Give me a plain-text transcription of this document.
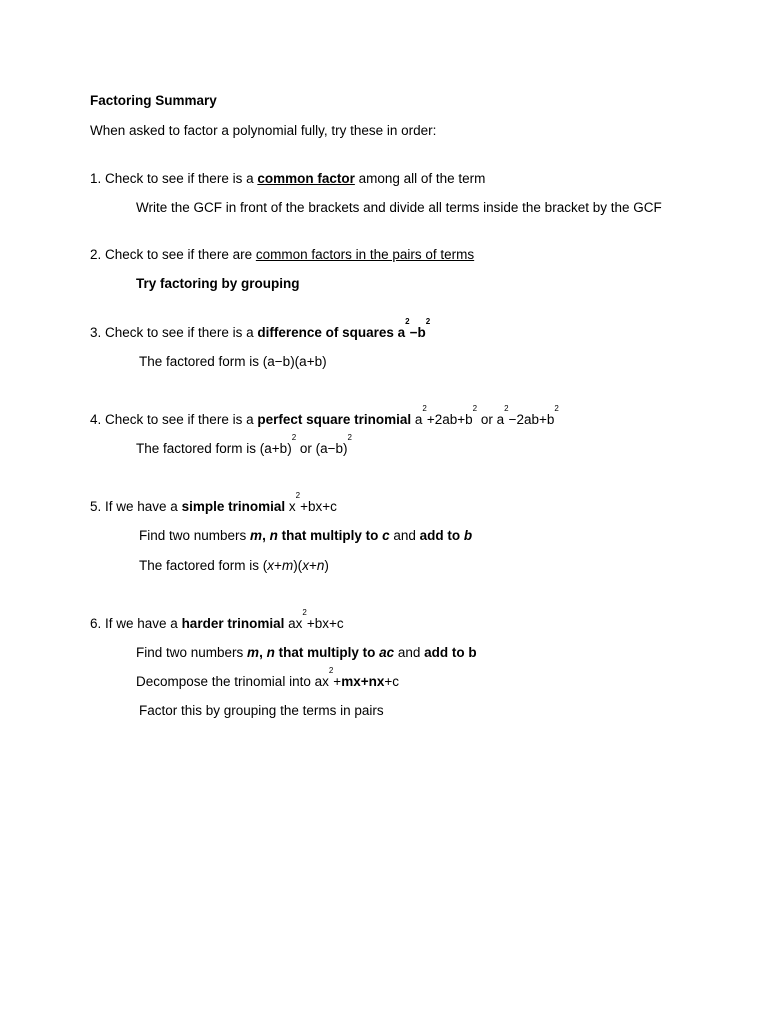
Factoring Summary
When asked to factor a polynomial fully, try these in order:
1. Check to see if there is a common factor among all of the term
Write the GCF in front of the brackets and divide all terms inside the bracket by the GCF
2. Check to see if there are common factors in the pairs of terms
Try factoring by grouping
3. Check to see if there is a difference of squares $a^2-b^2$
The factored form is (a−b)(a+b)
4. Check to see if there is a perfect square trinomial $a^2+2ab+b^2$ or $a^2-2ab+b^2$
The factored form is $(a+b)^2$ or $(a-b)^2$
5. If we have a simple trinomial $x^2+bx+c$
Find two numbers m, n that multiply to c and add to b
The factored form is (x+m)(x+n)
6. If we have a harder trinomial $ax^2+bx+c$
Find two numbers m, n that multiply to ac and add to b
Decompose the trinomial into $ax^2+mx+nx+c$
Factor this by grouping the terms in pairs
